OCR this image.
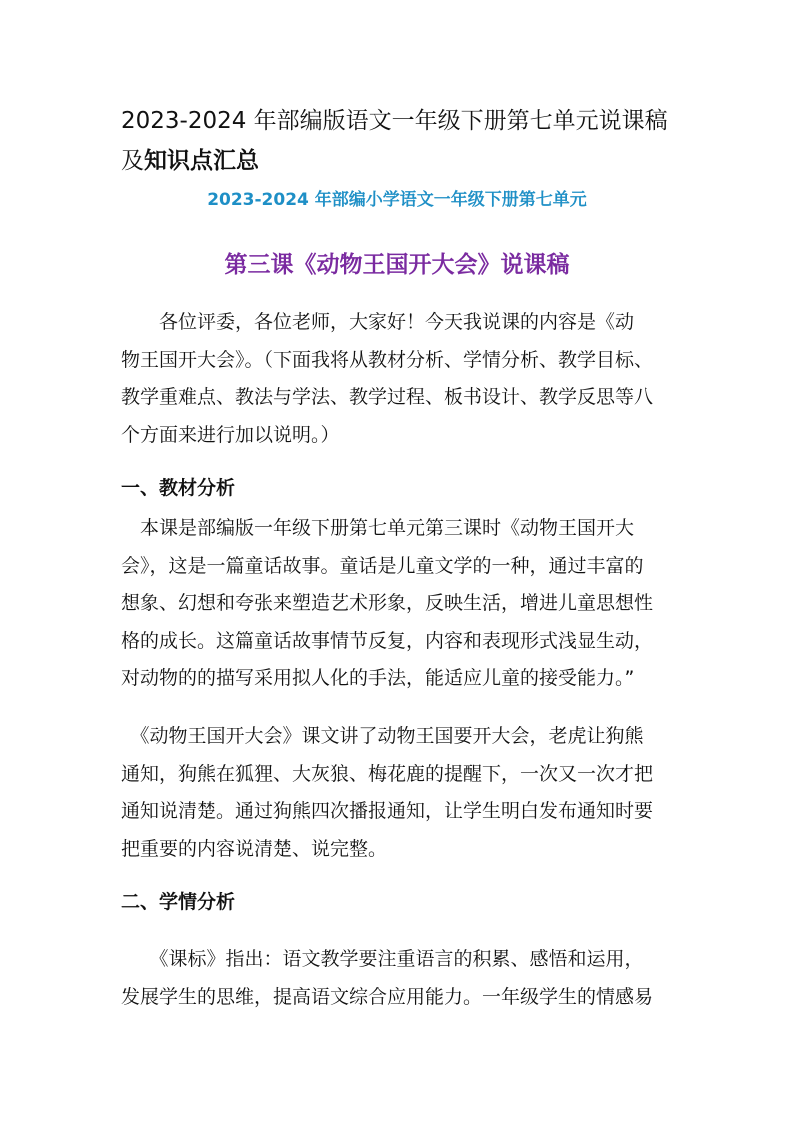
2023-2024 年部编版语文一年级下册第七单元说课稿
及知识点汇总

2023-2024 年部编小学语文一年级下册第七单元

第三课《动物王国开大会》说课稿

　　各位评委，各位老师，大家好！今天我说课的内容是《动
物王国开大会》。（下面我将从教材分析、学情分析、教学目标、
教学重难点、教法与学法、教学过程、板书设计、教学反思等八
个方面来进行加以说明。）

一、教材分析

　本课是部编版一年级下册第七单元第三课时《动物王国开大
会》，这是一篇童话故事。童话是儿童文学的一种，通过丰富的
想象、幻想和夸张来塑造艺术形象，反映生活，增进儿童思想性
格的成长。这篇童话故事情节反复，内容和表现形式浅显生动，
对动物的的描写采用拟人化的手法，能适应儿童的接受能力。”

　《动物王国开大会》课文讲了动物王国要开大会，老虎让狗熊
通知，狗熊在狐狸、大灰狼、梅花鹿的提醒下，一次又一次才把
通知说清楚。通过狗熊四次播报通知，让学生明白发布通知时要
把重要的内容说清楚、说完整。

二、学情分析

　　《课标》指出：语文教学要注重语言的积累、感悟和运用，
发展学生的思维，提高语文综合应用能力。一年级学生的情感易
